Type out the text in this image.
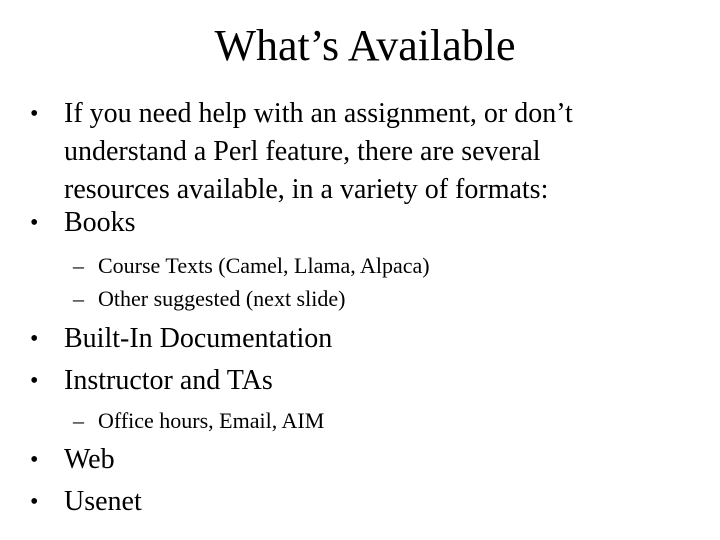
What’s Available
• If you need help with an assignment, or don’t
understand a Perl feature, there are several
resources available, in a variety of formats:
• Books
– Course Texts (Camel, Llama, Alpaca)
– Other suggested (next slide)
• Built-In Documentation
• Instructor and TAs
– Office hours, Email, AIM
• Web
• Usenet
